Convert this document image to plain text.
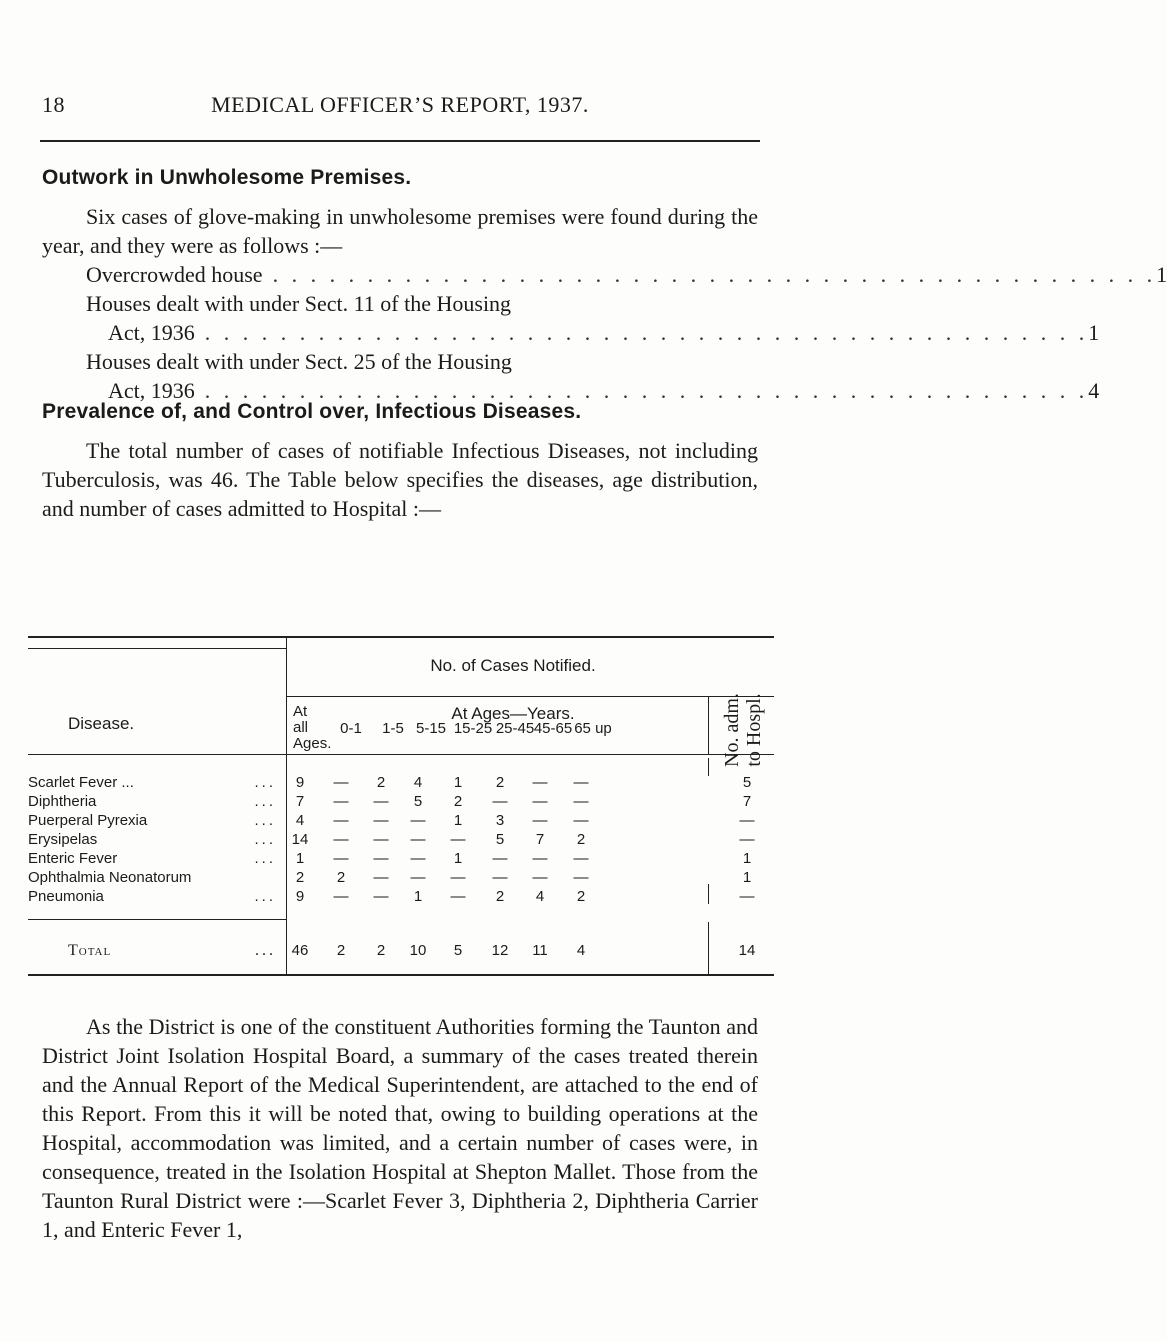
18	MEDICAL OFFICER’S REPORT, 1937.
Outwork in Unwholesome Premises.

Six cases of glove-making in unwholesome premises were found during the year, and they were as follows :—

Overcrowded house . . . . . . . . . . . . . . . . . . . . . . . . . . . . . . . . . . . . . . . . . . . . . . . 1
Houses dealt with under Sect. 11 of the Housing
Act, 1936 . . . . . . . . . . . . . . . . . . . . . . . . . . . . . . . . . . . . . . . . . . . . . . . 1
Houses dealt with under Sect. 25 of the Housing
Act, 1936 . . . . . . . . . . . . . . . . . . . . . . . . . . . . . . . . . . . . . . . . . . . . . . . 4
Prevalence of, and Control over, Infectious Diseases.

The total number of cases of notifiable Infectious Diseases, not including Tuberculosis, was 46. The Table below specifies the diseases, age distribution, and number of cases admitted to Hospital :—

No. of Cases Notified.
Disease.
At Ages—Years.	No. adm.
to Hospl.
At
all
Ages.
0-1	1-5 5-15 15-25 25-45 45-65 65 up
Scarlet Fever ...	...	9	—	2	4	1	2	—	—	5
Diphtheria	...	7	—	—	5	2	—	—	—	7
Puerperal Pyrexia	...	4	—	—	—	1	3	—	—	—
Erysipelas	...	14	—	—	—	—	5	7	2	—
Enteric Fever	...	1	—	—	—	1	—	—	—	1
Ophthalmia Neonatorum	2	2	—	—	—	—	—	—	1
Pneumonia	...	9	—	—	1	—	2	4	2	—
Total	...	46	2	2	10	5	12	11	4	14

As the District is one of the constituent Authorities forming the Taunton and District Joint Isolation Hospital Board, a summary of the cases treated therein and the Annual Report of the Medical Superintendent, are attached to the end of this Report. From this it will be noted that, owing to building operations at the Hospital, accommodation was limited, and a certain number of cases were, in consequence, treated in the Isolation Hospital at Shepton Mallet. Those from the Taunton Rural District were :—Scarlet Fever 3, Diphtheria 2, Diphtheria Carrier 1, and Enteric Fever 1,
